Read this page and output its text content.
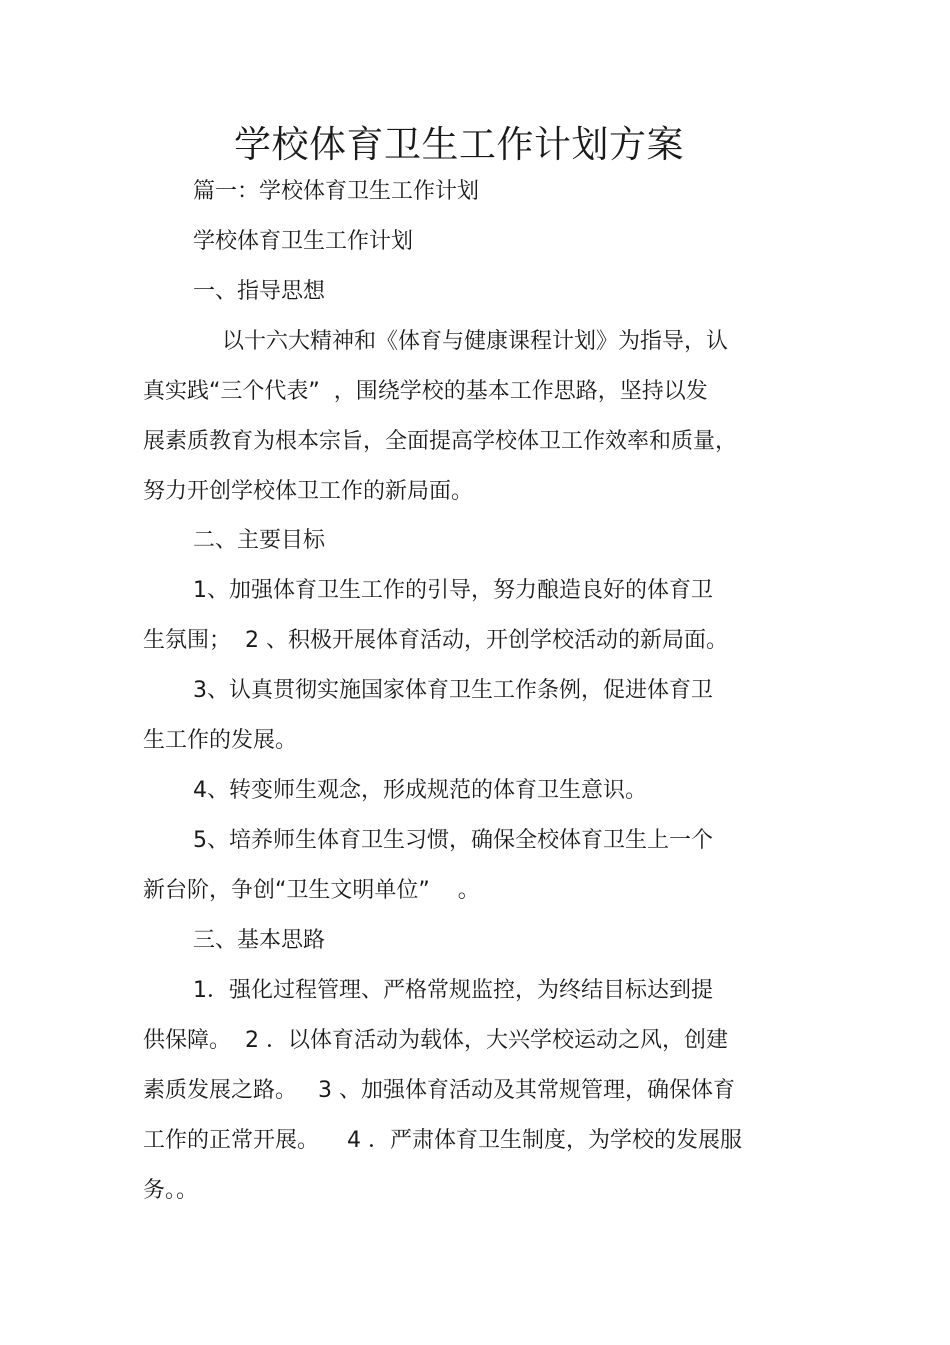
学校体育卫生工作计划方案

篇一：学校体育卫生工作计划

学校体育卫生工作计划

一、指导思想

以十六大精神和《体育与健康课程计划》为指导，认

真实践“三个代表”  ，围绕学校的基本工作思路，坚持以发

展素质教育为根本宗旨，全面提高学校体卫工作效率和质量，

努力开创学校体卫工作的新局面。

二、主要目标

1、加强体育卫生工作的引导，努力酿造良好的体育卫

生氛围；  2 、积极开展体育活动，开创学校活动的新局面。

3、认真贯彻实施国家体育卫生工作条例，促进体育卫

生工作的发展。

4、转变师生观念，形成规范的体育卫生意识。

5、培养师生体育卫生习惯，确保全校体育卫生上一个

新台阶，争创“卫生文明单位”    。

三、基本思路

1．强化过程管理、严格常规监控，为终结目标达到提

供保障。  2 ．以体育活动为载体，大兴学校运动之风，创建

素质发展之路。   3 、加强体育活动及其常规管理，确保体育

工作的正常开展。    4 ．严肃体育卫生制度，为学校的发展服

务。。
